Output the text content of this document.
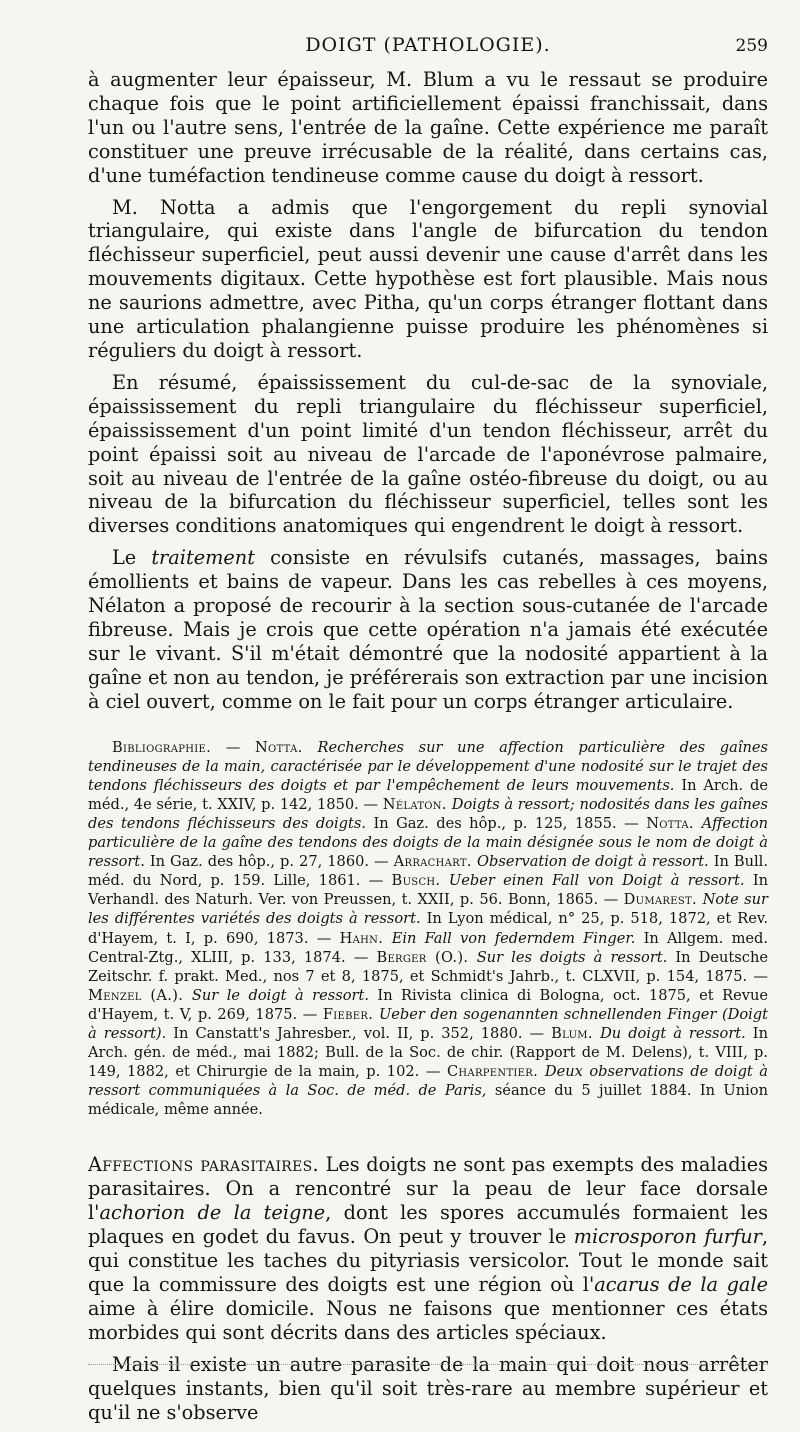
DOIGT (PATHOLOGIE).	259

à augmenter leur épaisseur, M. Blum a vu le ressaut se produire chaque fois que le point artificiellement épaissi franchissait, dans l'un ou l'autre sens, l'entrée de la gaîne. Cette expérience me paraît constituer une preuve irrécusable de la réalité, dans certains cas, d'une tuméfaction tendineuse comme cause du doigt à ressort.

M. Notta a admis que l'engorgement du repli synovial triangulaire, qui existe dans l'angle de bifurcation du tendon fléchisseur superficiel, peut aussi devenir une cause d'arrêt dans les mouvements digitaux. Cette hypothèse est fort plausible. Mais nous ne saurions admettre, avec Pitha, qu'un corps étranger flottant dans une articulation phalangienne puisse produire les phénomènes si réguliers du doigt à ressort.

En résumé, épaississement du cul-de-sac de la synoviale, épaississement du repli triangulaire du fléchisseur superficiel, épaississement d'un point limité d'un tendon fléchisseur, arrêt du point épaissi soit au niveau de l'arcade de l'aponévrose palmaire, soit au niveau de l'entrée de la gaîne ostéo-fibreuse du doigt, ou au niveau de la bifurcation du fléchisseur superficiel, telles sont les diverses conditions anatomiques qui engendrent le doigt à ressort.

Le traitement consiste en révulsifs cutanés, massages, bains émollients et bains de vapeur. Dans les cas rebelles à ces moyens, Nélaton a proposé de recourir à la section sous-cutanée de l'arcade fibreuse. Mais je crois que cette opération n'a jamais été exécutée sur le vivant. S'il m'était démontré que la nodosité appartient à la gaîne et non au tendon, je préférerais son extraction par une incision à ciel ouvert, comme on le fait pour un corps étranger articulaire.

Bibliographie. — Notta. Recherches sur une affection particulière des gaînes tendineuses de la main, caractérisée par le développement d'une nodosité sur le trajet des tendons fléchisseurs des doigts et par l'empêchement de leurs mouvements. In Arch. de méd., 4e série, t. XXIV, p. 142, 1850. — Nélaton. Doigts à ressort; nodosités dans les gaînes des tendons fléchisseurs des doigts. In Gaz. des hôp., p. 125, 1855. — Notta. Affection particulière de la gaîne des tendons des doigts de la main désignée sous le nom de doigt à ressort. In Gaz. des hôp., p. 27, 1860. — Arrachart. Observation de doigt à ressort. In Bull. méd. du Nord, p. 159. Lille, 1861. — Busch. Ueber einen Fall von Doigt à ressort. In Verhandl. des Naturh. Ver. von Preussen, t. XXII, p. 56. Bonn, 1865. — Dumarest. Note sur les différentes variétés des doigts à ressort. In Lyon médical, n° 25, p. 518, 1872, et Rev. d'Hayem, t. I, p. 690, 1873. — Hahn. Ein Fall von federndem Finger. In Allgem. med. Central-Ztg., XLIII, p. 133, 1874. — Berger (O.). Sur les doigts à ressort. In Deutsche Zeitschr. f. prakt. Med., nos 7 et 8, 1875, et Schmidt's Jahrb., t. CLXVII, p. 154, 1875. — Menzel (A.). Sur le doigt à ressort. In Rivista clinica di Bologna, oct. 1875, et Revue d'Hayem, t. V, p. 269, 1875. — Fieber. Ueber den sogenannten schnellenden Finger (Doigt à ressort). In Canstatt's Jahresber., vol. II, p. 352, 1880. — Blum. Du doigt à ressort. In Arch. gén. de méd., mai 1882; Bull. de la Soc. de chir. (Rapport de M. Delens), t. VIII, p. 149, 1882, et Chirurgie de la main, p. 102. — Charpentier. Deux observations de doigt à ressort communiquées à la Soc. de méd. de Paris, séance du 5 juillet 1884. In Union médicale, même année.

Affections parasitaires. Les doigts ne sont pas exempts des maladies parasitaires. On a rencontré sur la peau de leur face dorsale l'achorion de la teigne, dont les spores accumulés formaient les plaques en godet du favus. On peut y trouver le microsporon furfur, qui constitue les taches du pityriasis versicolor. Tout le monde sait que la commissure des doigts est une région où l'acarus de la gale aime à élire domicile. Nous ne faisons que mentionner ces états morbides qui sont décrits dans des articles spéciaux.

Mais il existe un autre parasite de la main qui doit nous arrêter quelques instants, bien qu'il soit très-rare au membre supérieur et qu'il ne s'observe
